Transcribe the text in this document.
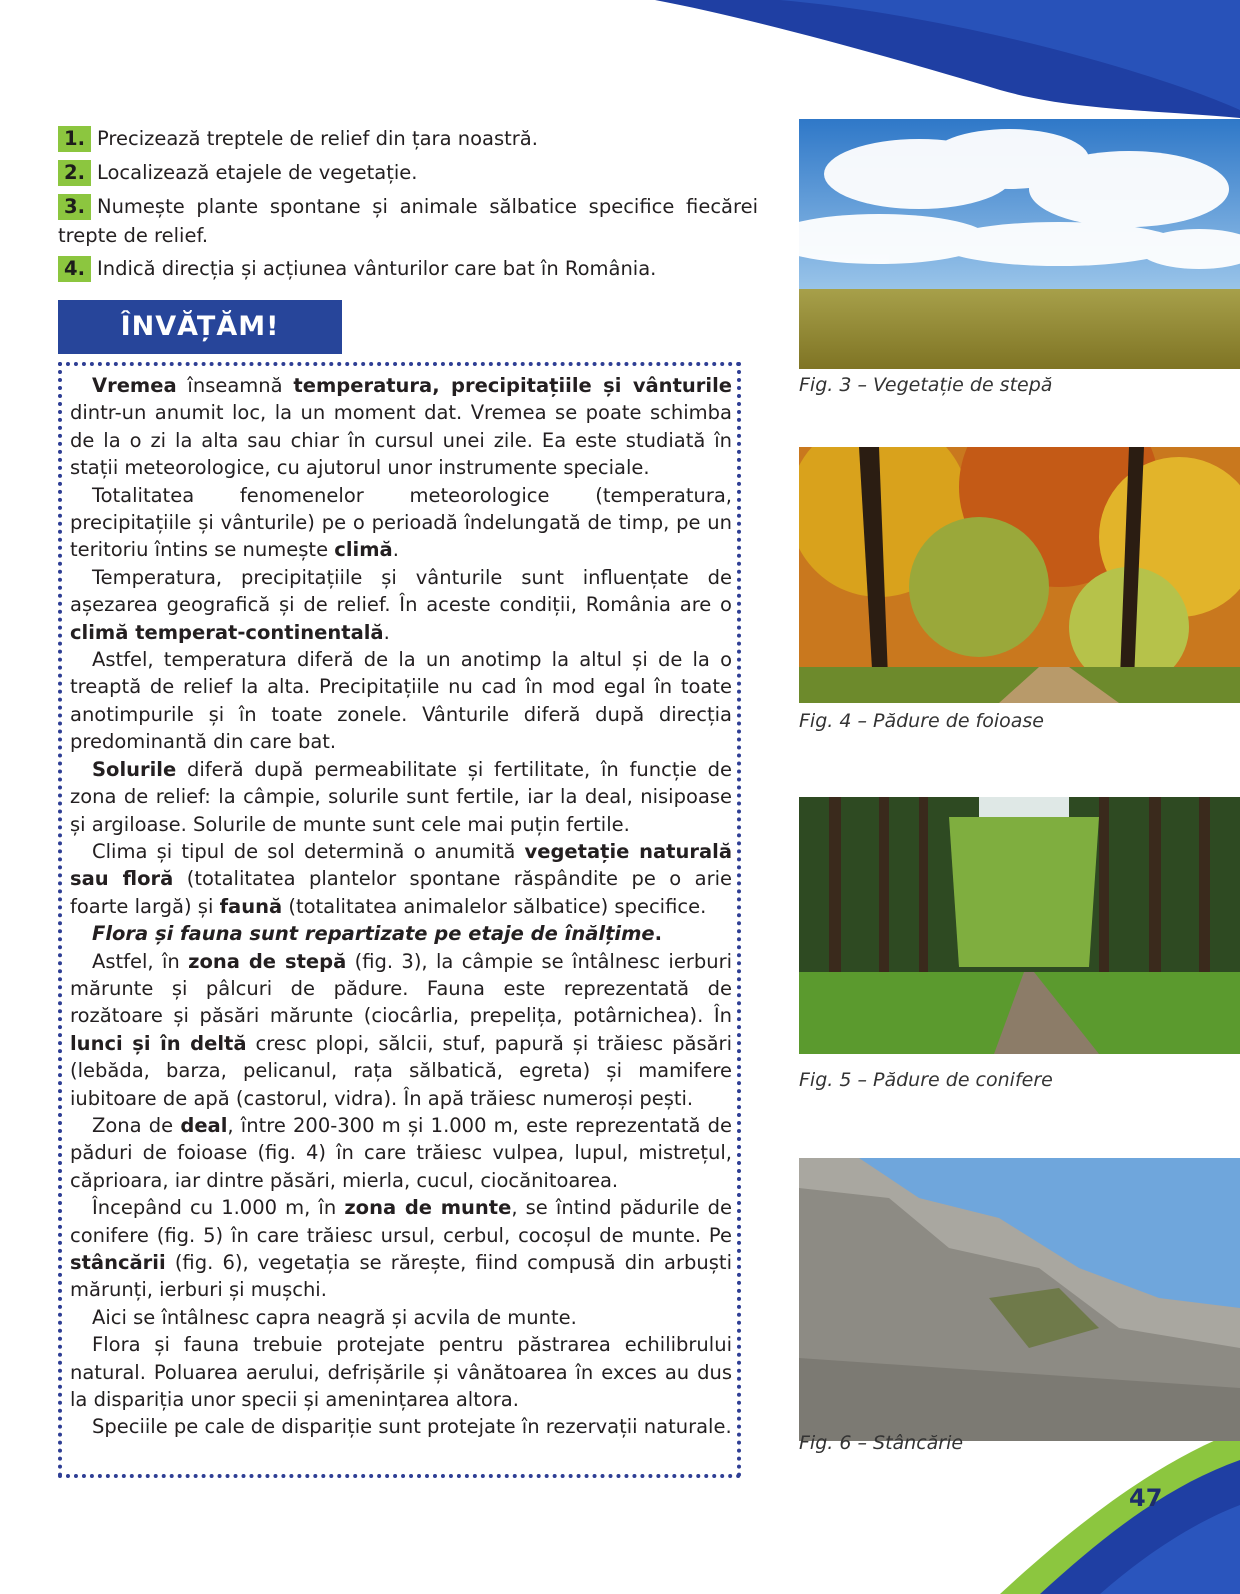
1. Precizează treptele de relief din țara noastră.
2. Localizează etajele de vegetație.
3. Numește plante spontane și animale sălbatice specifice fiecărei trepte de relief.
4. Indică direcția și acțiunea vânturilor care bat în România.
ÎNVĂȚĂM!

Vremea înseamnă temperatura, precipitațiile și vânturile dintr-un anumit loc, la un moment dat. Vremea se poate schimba de la o zi la alta sau chiar în cursul unei zile. Ea este studiată în stații meteorologice, cu ajutorul unor instrumente speciale.

Totalitatea fenomenelor meteorologice (temperatura, precipitațiile și vânturile) pe o perioadă îndelungată de timp, pe un teritoriu întins se numește climă.

Temperatura, precipitațiile și vânturile sunt influențate de așezarea geografică și de relief. În aceste condiții, România are o climă temperat-continentală.

Astfel, temperatura diferă de la un anotimp la altul și de la o treaptă de relief la alta. Precipitațiile nu cad în mod egal în toate anotimpurile și în toate zonele. Vânturile diferă după direcția predominantă din care bat.

Solurile diferă după permeabilitate și fertilitate, în funcție de zona de relief: la câmpie, solurile sunt fertile, iar la deal, nisipoase și argiloase. Solurile de munte sunt cele mai puțin fertile.

Clima și tipul de sol determină o anumită vegetație naturală sau floră (totalitatea plantelor spontane răspândite pe o arie foarte largă) și faună (totalitatea animalelor sălbatice) specifice.

Flora și fauna sunt repartizate pe etaje de înălțime.

Astfel, în zona de stepă (fig. 3), la câmpie se întâlnesc ierburi mărunte și pâlcuri de pădure. Fauna este reprezentată de rozătoare și păsări mărunte (ciocârlia, prepelița, potârnichea). În lunci și în deltă cresc plopi, sălcii, stuf, papură și trăiesc păsări (lebăda, barza, pelicanul, rața sălbatică, egreta) și mamifere iubitoare de apă (castorul, vidra). În apă trăiesc numeroși pești.

Zona de deal, între 200-300 m și 1.000 m, este reprezentată de păduri de foioase (fig. 4) în care trăiesc vulpea, lupul, mistrețul, căprioara, iar dintre păsări, mierla, cucul, ciocănitoarea.

Începând cu 1.000 m, în zona de munte, se întind pădurile de conifere (fig. 5) în care trăiesc ursul, cerbul, cocoșul de munte. Pe stâncării (fig. 6), vegetația se rărește, fiind compusă din arbuști mărunți, ierburi și mușchi.

Aici se întâlnesc capra neagră și acvila de munte.

Flora și fauna trebuie protejate pentru păstrarea echilibrului natural. Poluarea aerului, defrișările și vânătoarea în exces au dus la dispariția unor specii și amenințarea altora.

Speciile pe cale de dispariție sunt protejate în rezervații naturale.

Fig. 3 – Vegetație de stepă
Fig. 4 – Pădure de foioase
Fig. 5 – Pădure de conifere
Fig. 6 – Stâncărie
47
